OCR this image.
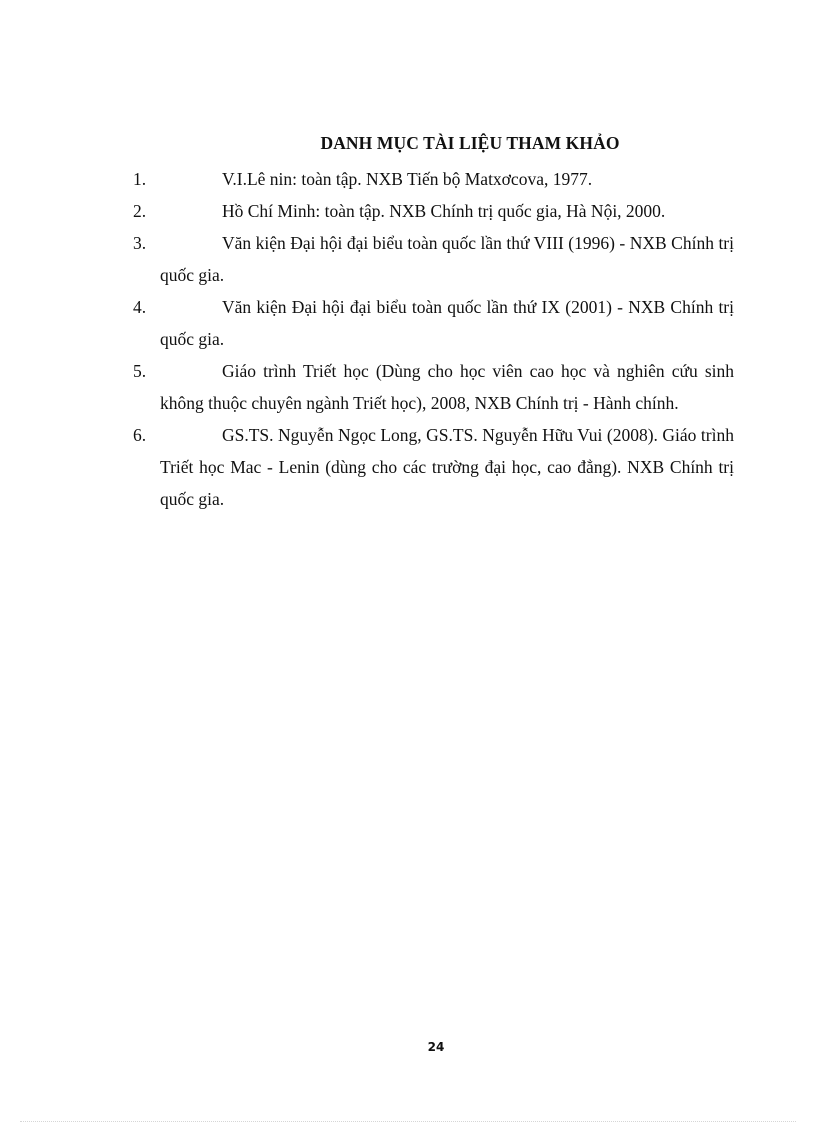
DANH MỤC TÀI LIỆU THAM KHẢO
1.	V.I.Lê nin: toàn tập. NXB Tiến bộ Matxơcova, 1977.
2.	Hồ Chí Minh: toàn tập. NXB Chính trị quốc gia, Hà Nội, 2000.
3.	Văn kiện Đại hội đại biểu toàn quốc lần thứ VIII (1996) - NXB Chính trị quốc gia.
4.	Văn kiện Đại hội đại biểu toàn quốc lần thứ IX (2001) - NXB Chính trị quốc gia.
5.	Giáo trình Triết học (Dùng cho học viên cao học và nghiên cứu sinh không thuộc chuyên ngành Triết học), 2008, NXB Chính trị - Hành chính.
6.	GS.TS. Nguyễn Ngọc Long, GS.TS. Nguyễn Hữu Vui (2008). Giáo trình Triết học Mac - Lenin (dùng cho các trường đại học, cao đẳng). NXB Chính trị quốc gia.
24
